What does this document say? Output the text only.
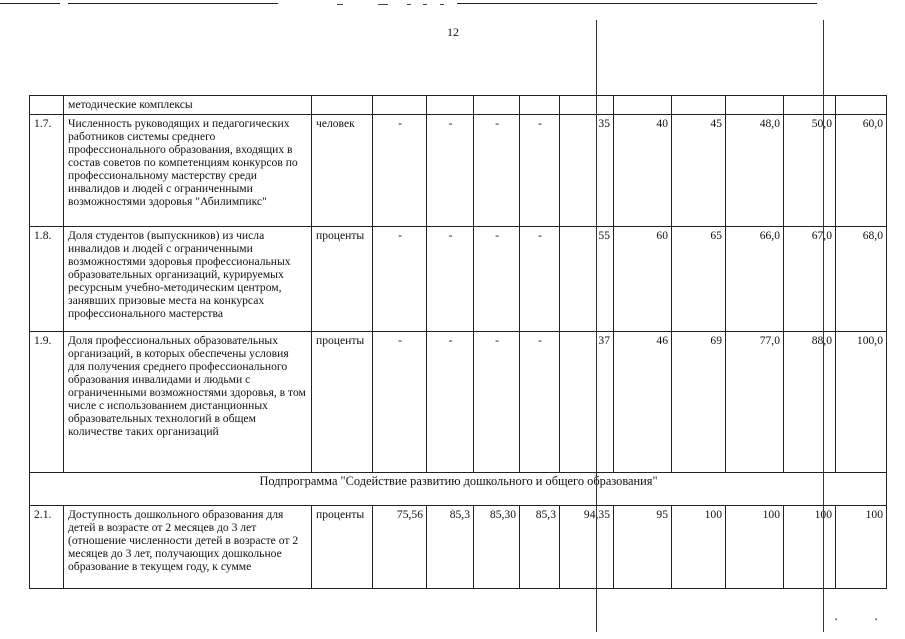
12
	методические комплексы											
1.7.	Численность руководящих и педагогических работников системы среднего профессионального образования, входящих в состав советов по компетенциям конкурсов по профессиональному мастерству среди инвалидов и людей с ограниченными возможностями здоровья "Абилимпикс"	человек	-	-	-	-	35	40	45	48,0	50,0	60,0
1.8.	Доля студентов (выпускников) из числа инвалидов и людей с ограниченными возможностями здоровья профессиональных образовательных организаций, курируемых ресурсным учебно-методическим центром, занявших призовые места на конкурсах профессионального мастерства	проценты	-	-	-	-	55	60	65	66,0	67,0	68,0
1.9.	Доля профессиональных образовательных организаций, в которых обеспечены условия для получения среднего профессионального образования инвалидами и людьми с ограниченными возможностями здоровья, в том числе с использованием дистанционных образовательных технологий в общем количестве таких организаций	проценты	-	-	-	-	37	46	69	77,0	88,0	100,0
Подпрограмма "Содействие развитию дошкольного и общего образования"												
2.1.	Доступность дошкольного образования для детей в возрасте от 2 месяцев до 3 лет (отношение численности детей в возрасте от 2 месяцев до 3 лет, получающих дошкольное образование в текущем году, к сумме	проценты	75,56	85,3	85,30	85,3	94,35	95	100	100	100	100
▪	▪
